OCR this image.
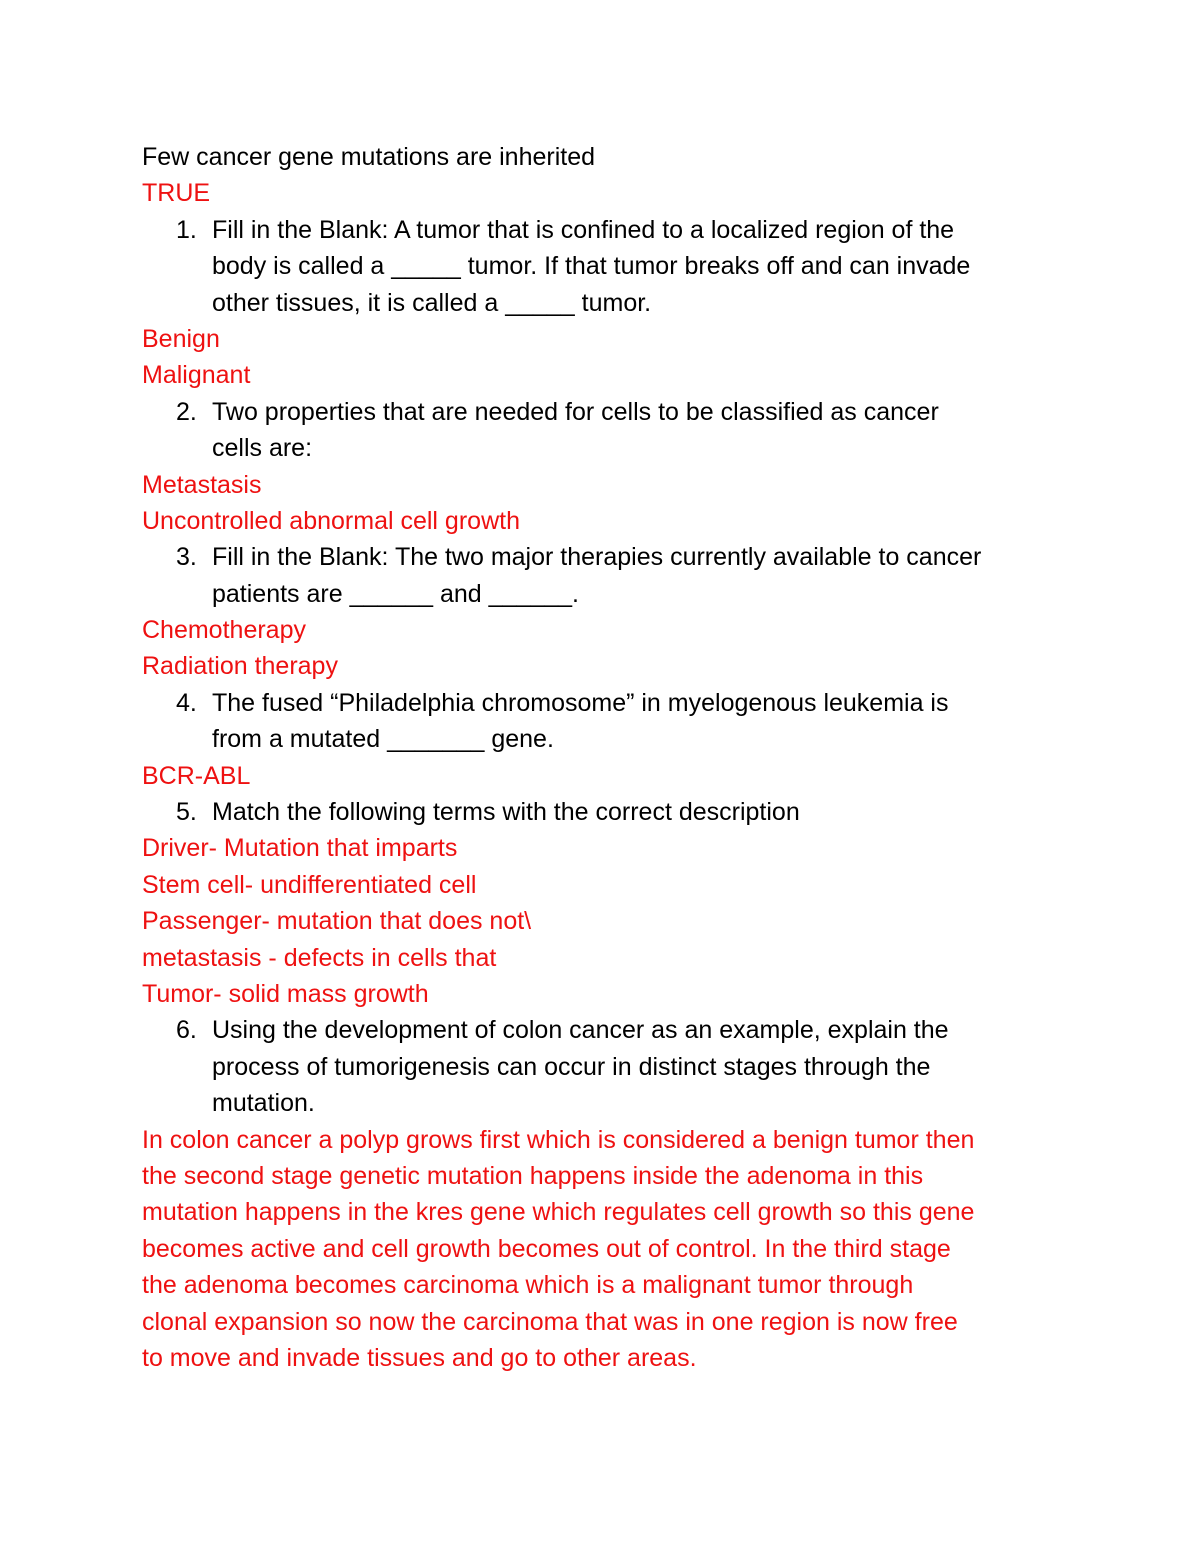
Few cancer gene mutations are inherited
TRUE
1. Fill in the Blank: A tumor that is confined to a localized region of the
body is called a _____ tumor. If that tumor breaks off and can invade
other tissues, it is called a _____ tumor.
Benign
Malignant
2. Two properties that are needed for cells to be classified as cancer
cells are:
Metastasis
Uncontrolled abnormal cell growth
3. Fill in the Blank: The two major therapies currently available to cancer
patients are ______ and ______.
Chemotherapy
Radiation therapy
4. The fused “Philadelphia chromosome” in myelogenous leukemia is
from a mutated _______ gene.
BCR-ABL
5. Match the following terms with the correct description
Driver- Mutation that imparts
Stem cell- undifferentiated cell
Passenger- mutation that does not\
metastasis - defects in cells that
Tumor- solid mass growth
6. Using the development of colon cancer as an example, explain the
process of tumorigenesis can occur in distinct stages through the
mutation.
In colon cancer a polyp grows first which is considered a benign tumor then
the second stage genetic mutation happens inside the adenoma in this
mutation happens in the kres gene which regulates cell growth so this gene
becomes active and cell growth becomes out of control. In the third stage
the adenoma becomes carcinoma which is a malignant tumor through
clonal expansion so now the carcinoma that was in one region is now free
to move and invade tissues and go to other areas.
